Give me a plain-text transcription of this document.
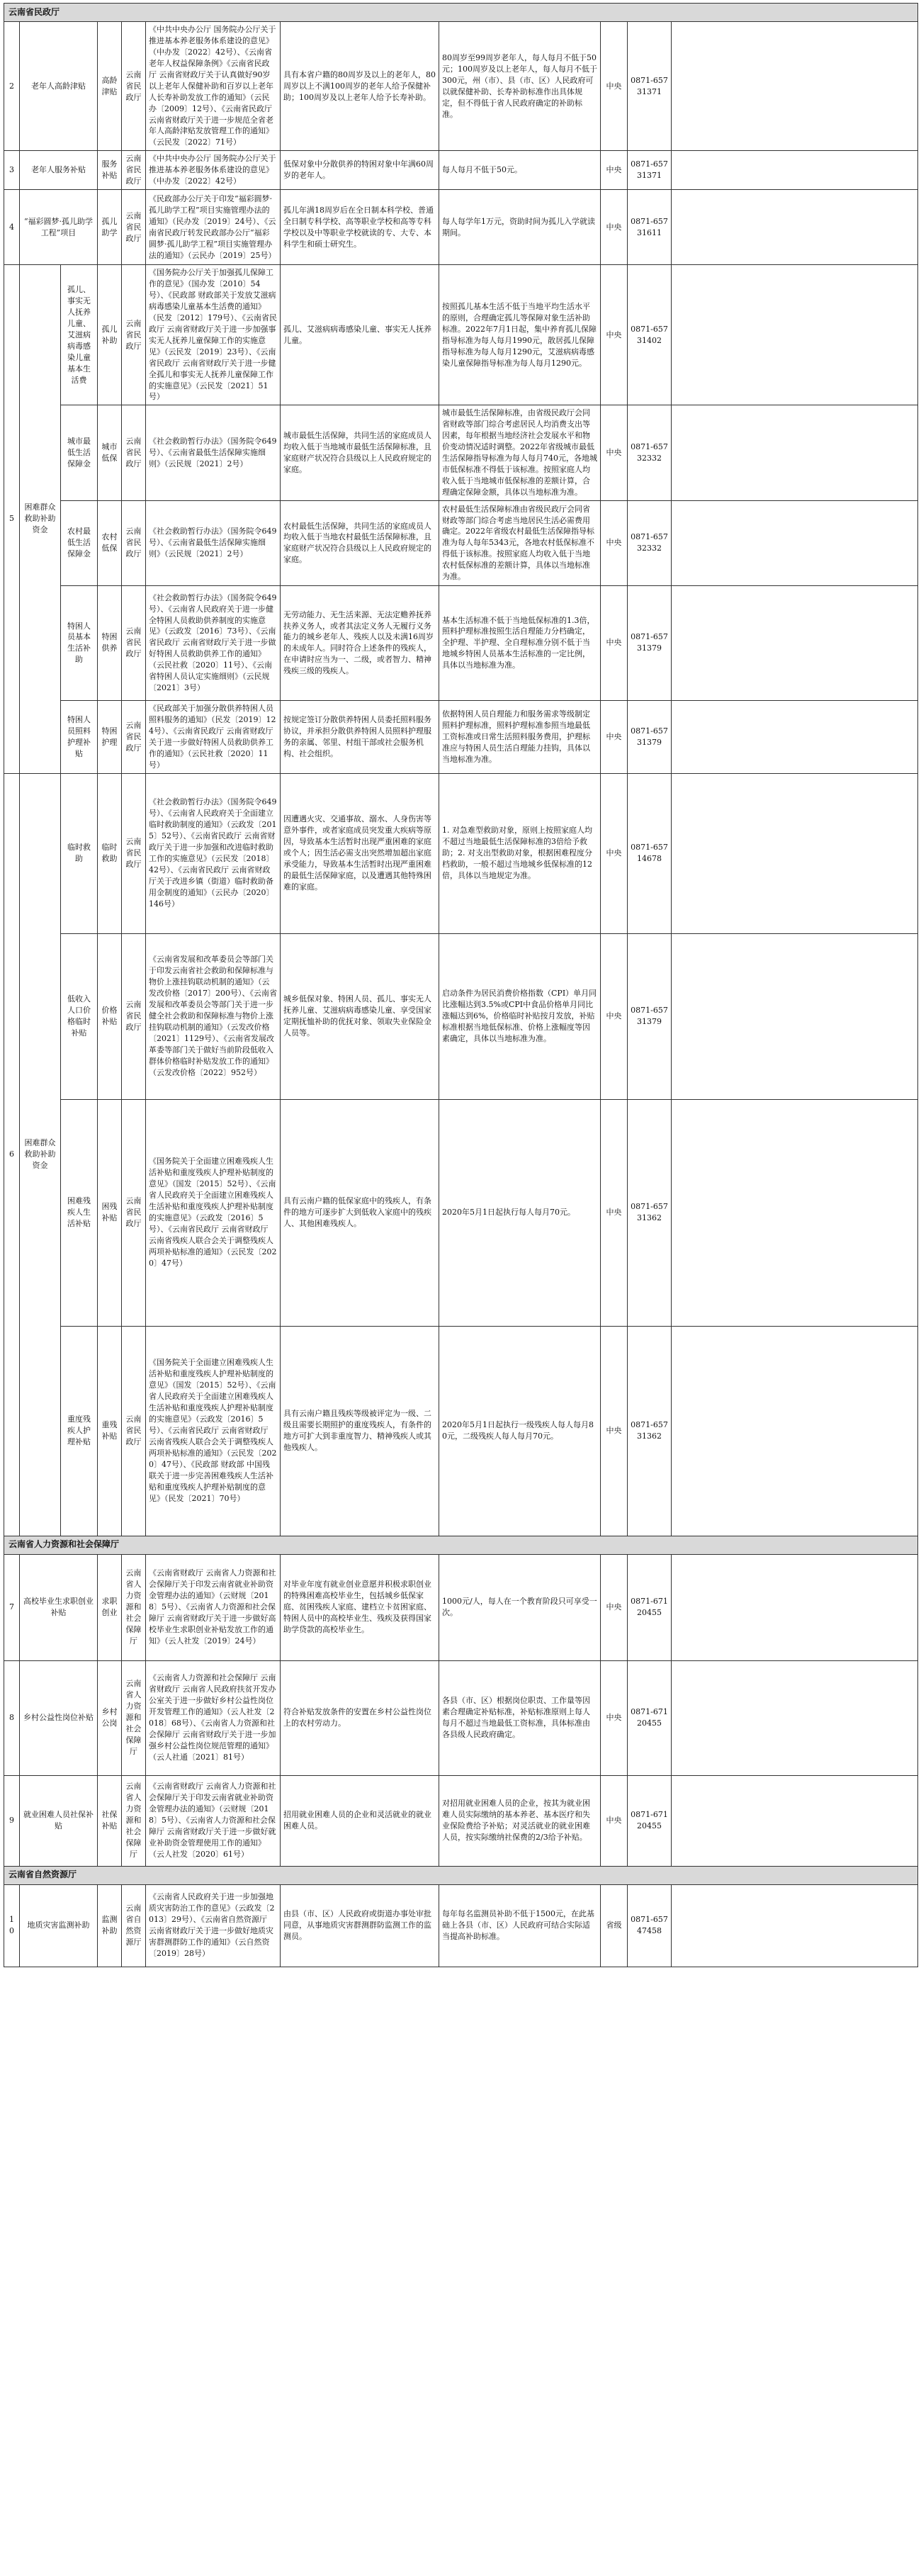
云南省民政厅										
2	老年人高龄津贴		高龄津贴	云南省民政厅	《中共中央办公厅 国务院办公厅关于推进基本养老服务体系建设的意见》（中办发〔2022〕42号）、《云南省老年人权益保障条例》《云南省民政厅 云南省财政厅关于认真做好90岁以上老年人保健补助和百岁以上老年人长寿补助发放工作的通知》（云民办〔2009〕12号）、《云南省民政厅 云南省财政厅关于进一步规范全省老年人高龄津贴发放管理工作的通知》（云民发〔2022〕71号）	具有本省户籍的80周岁及以上的老年人，80周岁以上不满100周岁的老年人给予保健补助；100周岁及以上老年人给予长寿补助。	80周岁至99周岁老年人，每人每月不低于50元；100周岁及以上老年人，每人每月不低于300元，州（市）、县（市、区）人民政府可以就保健补助、长寿补助标准作出具体规定，但不得低于省人民政府确定的补助标准。	中央	0871-65731371	
3	老年人服务补贴		服务补贴	云南省民政厅	《中共中央办公厅 国务院办公厅关于推进基本养老服务体系建设的意见》（中办发〔2022〕42号）	低保对象中分散供养的特困对象中年满60周岁的老年人。	每人每月不低于50元。	中央	0871-65731371	
4	“福彩圆梦·孤儿助学工程”项目		孤儿助学	云南省民政厅	《民政部办公厅关于印发“福彩圆梦·孤儿助学工程”项目实施管理办法的通知》（民办发〔2019〕24号）、《云南省民政厅转发民政部办公厅“福彩圆梦·孤儿助学工程”项目实施管理办法的通知》（云民办〔2019〕25号）	孤儿年满18周岁后在全日制本科学校、普通全日制专科学校、高等职业学校和高等专科学校以及中等职业学校就读的专、大专、本科学生和硕士研究生。	每人每学年1万元，资助时间为孤儿入学就读期间。	中央	0871-65731611	
5	困难群众救助补助资金	孤儿、事实无人抚养儿童、艾滋病病毒感染儿童基本生活费	孤儿补助	云南省民政厅	《国务院办公厅关于加强孤儿保障工作的意见》（国办发〔2010〕54号）、《民政部 财政部关于发放艾滋病病毒感染儿童基本生活费的通知》（民发〔2012〕179号）、《云南省民政厅 云南省财政厅关于进一步加强事实无人抚养儿童保障工作的实施意见》（云民发〔2019〕23号）、《云南省民政厅 云南省财政厅关于进一步健全孤儿和事实无人抚养儿童保障工作的实施意见》（云民发〔2021〕51号）	孤儿、艾滋病病毒感染儿童、事实无人抚养儿童。	按照孤儿基本生活不低于当地平均生活水平的原则，合理确定孤儿等保障对象生活补助标准。2022年7月1日起，集中养育孤儿保障指导标准为每人每月1990元，散居孤儿保障指导标准为每人每月1290元，艾滋病病毒感染儿童保障指导标准为每人每月1290元。	中央	0871-65731402	
		城市最低生活保障金	城市低保	云南省民政厅	《社会救助暂行办法》（国务院令649号）、《云南省最低生活保障实施细则》（云民规〔2021〕2号）	城市最低生活保障，共同生活的家庭成员人均收入低于当地城市最低生活保障标准，且家庭财产状况符合县级以上人民政府规定的家庭。	城市最低生活保障标准，由省级民政厅会同省财政等部门综合考虑居民人均消费支出等因素，每年根据当地经济社会发展水平和物价变动情况适时调整。2022年省级城市最低生活保障指导标准为每人每月740元，各地城市低保标准不得低于该标准。按照家庭人均收入低于当地城市低保标准的差额计算，合理确定保障金额，具体以当地标准为准。	中央	0871-65732332	
		农村最低生活保障金	农村低保	云南省民政厅	《社会救助暂行办法》（国务院令649号）、《云南省最低生活保障实施细则》（云民规〔2021〕2号）	农村最低生活保障，共同生活的家庭成员人均收入低于当地农村最低生活保障标准，且家庭财产状况符合县级以上人民政府规定的家庭。	农村最低生活保障标准由省级民政厅会同省财政等部门综合考虑当地居民生活必需费用确定。2022年省级农村最低生活保障指导标准为每人每年5343元，各地农村低保标准不得低于该标准。按照家庭人均收入低于当地农村低保标准的差额计算，具体以当地标准为准。	中央	0871-65732332	
		特困人员基本生活补助	特困供养	云南省民政厅	《社会救助暂行办法》（国务院令649号）、《云南省人民政府关于进一步健全特困人员救助供养制度的实施意见》（云政发〔2016〕73号）、《云南省民政厅 云南省财政厅关于进一步做好特困人员救助供养工作的通知》（云民社救〔2020〕11号）、《云南省特困人员认定实施细则》（云民规〔2021〕3号）	无劳动能力、无生活来源、无法定赡养抚养扶养义务人，或者其法定义务人无履行义务能力的城乡老年人、残疾人以及未满16周岁的未成年人。同时符合上述条件的残疾人，在申请时应当为一、二级，或者智力、精神残疾三级的残疾人。	基本生活标准不低于当地低保标准的1.3倍，照料护理标准按照生活自理能力分档确定，全护理、半护理、全自理标准分别不低于当地城乡特困人员基本生活标准的一定比例，具体以当地标准为准。	中央	0871-65731379	
		特困人员照料护理补贴	特困护理	云南省民政厅	《民政部关于加强分散供养特困人员照料服务的通知》（民发〔2019〕124号）、《云南省民政厅 云南省财政厅关于进一步做好特困人员救助供养工作的通知》（云民社救〔2020〕11号）	按规定签订分散供养特困人员委托照料服务协议，并承担分散供养特困人员照料护理服务的亲属、邻里、村组干部或社会服务机构、社会组织。	依据特困人员自理能力和服务需求等级制定照料护理标准，照料护理标准参照当地最低工资标准或日常生活照料服务费用，护理标准应与特困人员生活自理能力挂钩，具体以当地标准为准。	中央	0871-65731379	
6	困难群众救助补助资金	临时救助	临时救助	云南省民政厅	《社会救助暂行办法》（国务院令649号）、《云南省人民政府关于全面建立临时救助制度的通知》（云政发〔2015〕52号）、《云南省民政厅 云南省财政厅关于进一步加强和改进临时救助工作的实施意见》（云民发〔2018〕42号）、《云南省民政厅 云南省财政厅关于改进乡镇（街道）临时救助备用金制度的通知》（云民办〔2020〕146号）	因遭遇火灾、交通事故、溺水、人身伤害等意外事件，或者家庭成员突发重大疾病等原因，导致基本生活暂时出现严重困难的家庭或个人；因生活必需支出突然增加超出家庭承受能力，导致基本生活暂时出现严重困难的最低生活保障家庭，以及遭遇其他特殊困难的家庭。	1. 对急难型救助对象，原则上按照家庭人均不超过当地最低生活保障标准的3倍给予救助；2. 对支出型救助对象，根据困难程度分档救助，一般不超过当地城乡低保标准的12倍，具体以当地规定为准。	中央	0871-65714678	
		低收入人口价格临时补贴	价格补贴	云南省民政厅	《云南省发展和改革委员会等部门关于印发云南省社会救助和保障标准与物价上涨挂钩联动机制的通知》（云发改价格〔2017〕200号）、《云南省发展和改革委员会等部门关于进一步健全社会救助和保障标准与物价上涨挂钩联动机制的通知》（云发改价格〔2021〕1129号）、《云南省发展改革委等部门关于做好当前阶段低收入群体价格临时补贴发放工作的通知》（云发改价格〔2022〕952号）	城乡低保对象、特困人员、孤儿、事实无人抚养儿童、艾滋病病毒感染儿童、享受国家定期抚恤补助的优抚对象、领取失业保险金人员等。	启动条件为居民消费价格指数（CPI）单月同比涨幅达到3.5%或CPI中食品价格单月同比涨幅达到6%，价格临时补贴按月发放，补贴标准根据当地低保标准、价格上涨幅度等因素确定，具体以当地标准为准。	中央	0871-65731379	
		困难残疾人生活补贴	困残补贴	云南省民政厅	《国务院关于全面建立困难残疾人生活补贴和重度残疾人护理补贴制度的意见》（国发〔2015〕52号）、《云南省人民政府关于全面建立困难残疾人生活补贴和重度残疾人护理补贴制度的实施意见》（云政发〔2016〕5号）、《云南省民政厅 云南省财政厅 云南省残疾人联合会关于调整残疾人两项补贴标准的通知》（云民发〔2020〕47号）	具有云南户籍的低保家庭中的残疾人，有条件的地方可逐步扩大到低收入家庭中的残疾人、其他困难残疾人。	2020年5月1日起执行每人每月70元。	中央	0871-65731362	
		重度残疾人护理补贴	重残补贴	云南省民政厅	《国务院关于全面建立困难残疾人生活补贴和重度残疾人护理补贴制度的意见》（国发〔2015〕52号）、《云南省人民政府关于全面建立困难残疾人生活补贴和重度残疾人护理补贴制度的实施意见》（云政发〔2016〕5号）、《云南省民政厅 云南省财政厅 云南省残疾人联合会关于调整残疾人两项补贴标准的通知》（云民发〔2020〕47号）、《民政部 财政部 中国残联关于进一步完善困难残疾人生活补贴和重度残疾人护理补贴制度的意见》（民发〔2021〕70号）	具有云南户籍且残疾等级被评定为一级、二级且需要长期照护的重度残疾人，有条件的地方可扩大到非重度智力、精神残疾人或其他残疾人。	2020年5月1日起执行一级残疾人每人每月80元，二级残疾人每人每月70元。	中央	0871-65731362	
云南省人力资源和社会保障厅										
7	高校毕业生求职创业补贴		求职创业	云南省人力资源和社会保障厅	《云南省财政厅 云南省人力资源和社会保障厅关于印发云南省就业补助资金管理办法的通知》（云财规〔2018〕5号）、《云南省人力资源和社会保障厅 云南省财政厅关于进一步做好高校毕业生求职创业补贴发放工作的通知》（云人社发〔2019〕24号）	对毕业年度有就业创业意愿并积极求职创业的特殊困难高校毕业生，包括城乡低保家庭、贫困残疾人家庭、建档立卡贫困家庭、特困人员中的高校毕业生、残疾及获得国家助学贷款的高校毕业生。	1000元/人，每人在一个教育阶段只可享受一次。	中央	0871-67120455	
8	乡村公益性岗位补贴		乡村公岗	云南省人力资源和社会保障厅	《云南省人力资源和社会保障厅 云南省财政厅 云南省人民政府扶贫开发办公室关于进一步做好乡村公益性岗位开发管理工作的通知》（云人社发〔2018〕68号）、《云南省人力资源和社会保障厅 云南省财政厅关于进一步加强乡村公益性岗位规范管理的通知》（云人社通〔2021〕81号）	符合补贴发放条件的安置在乡村公益性岗位上的农村劳动力。	各县（市、区）根据岗位职责、工作量等因素合理确定补贴标准，补贴标准原则上每人每月不超过当地最低工资标准，具体标准由各县级人民政府确定。	中央	0871-67120455	
9	就业困难人员社保补贴		社保补贴	云南省人力资源和社会保障厅	《云南省财政厅 云南省人力资源和社会保障厅关于印发云南省就业补助资金管理办法的通知》（云财规〔2018〕5号）、《云南省人力资源和社会保障厅 云南省财政厅关于进一步做好就业补助资金管理使用工作的通知》（云人社发〔2020〕61号）	招用就业困难人员的企业和灵活就业的就业困难人员。	对招用就业困难人员的企业，按其为就业困难人员实际缴纳的基本养老、基本医疗和失业保险费给予补贴；对灵活就业的就业困难人员，按实际缴纳社保费的2/3给予补贴。	中央	0871-67120455	
云南省自然资源厅										
10	地质灾害监测补助		监测补助	云南省自然资源厅	《云南省人民政府关于进一步加强地质灾害防治工作的意见》（云政发〔2013〕29号）、《云南省自然资源厅 云南省财政厅关于进一步做好地质灾害群测群防工作的通知》（云自然资〔2019〕28号）	由县（市、区）人民政府或街道办事处审批同意，从事地质灾害群测群防监测工作的监测员。	每年每名监测员补助不低于1500元，在此基础上各县（市、区）人民政府可结合实际适当提高补助标准。	省级	0871-65747458	
